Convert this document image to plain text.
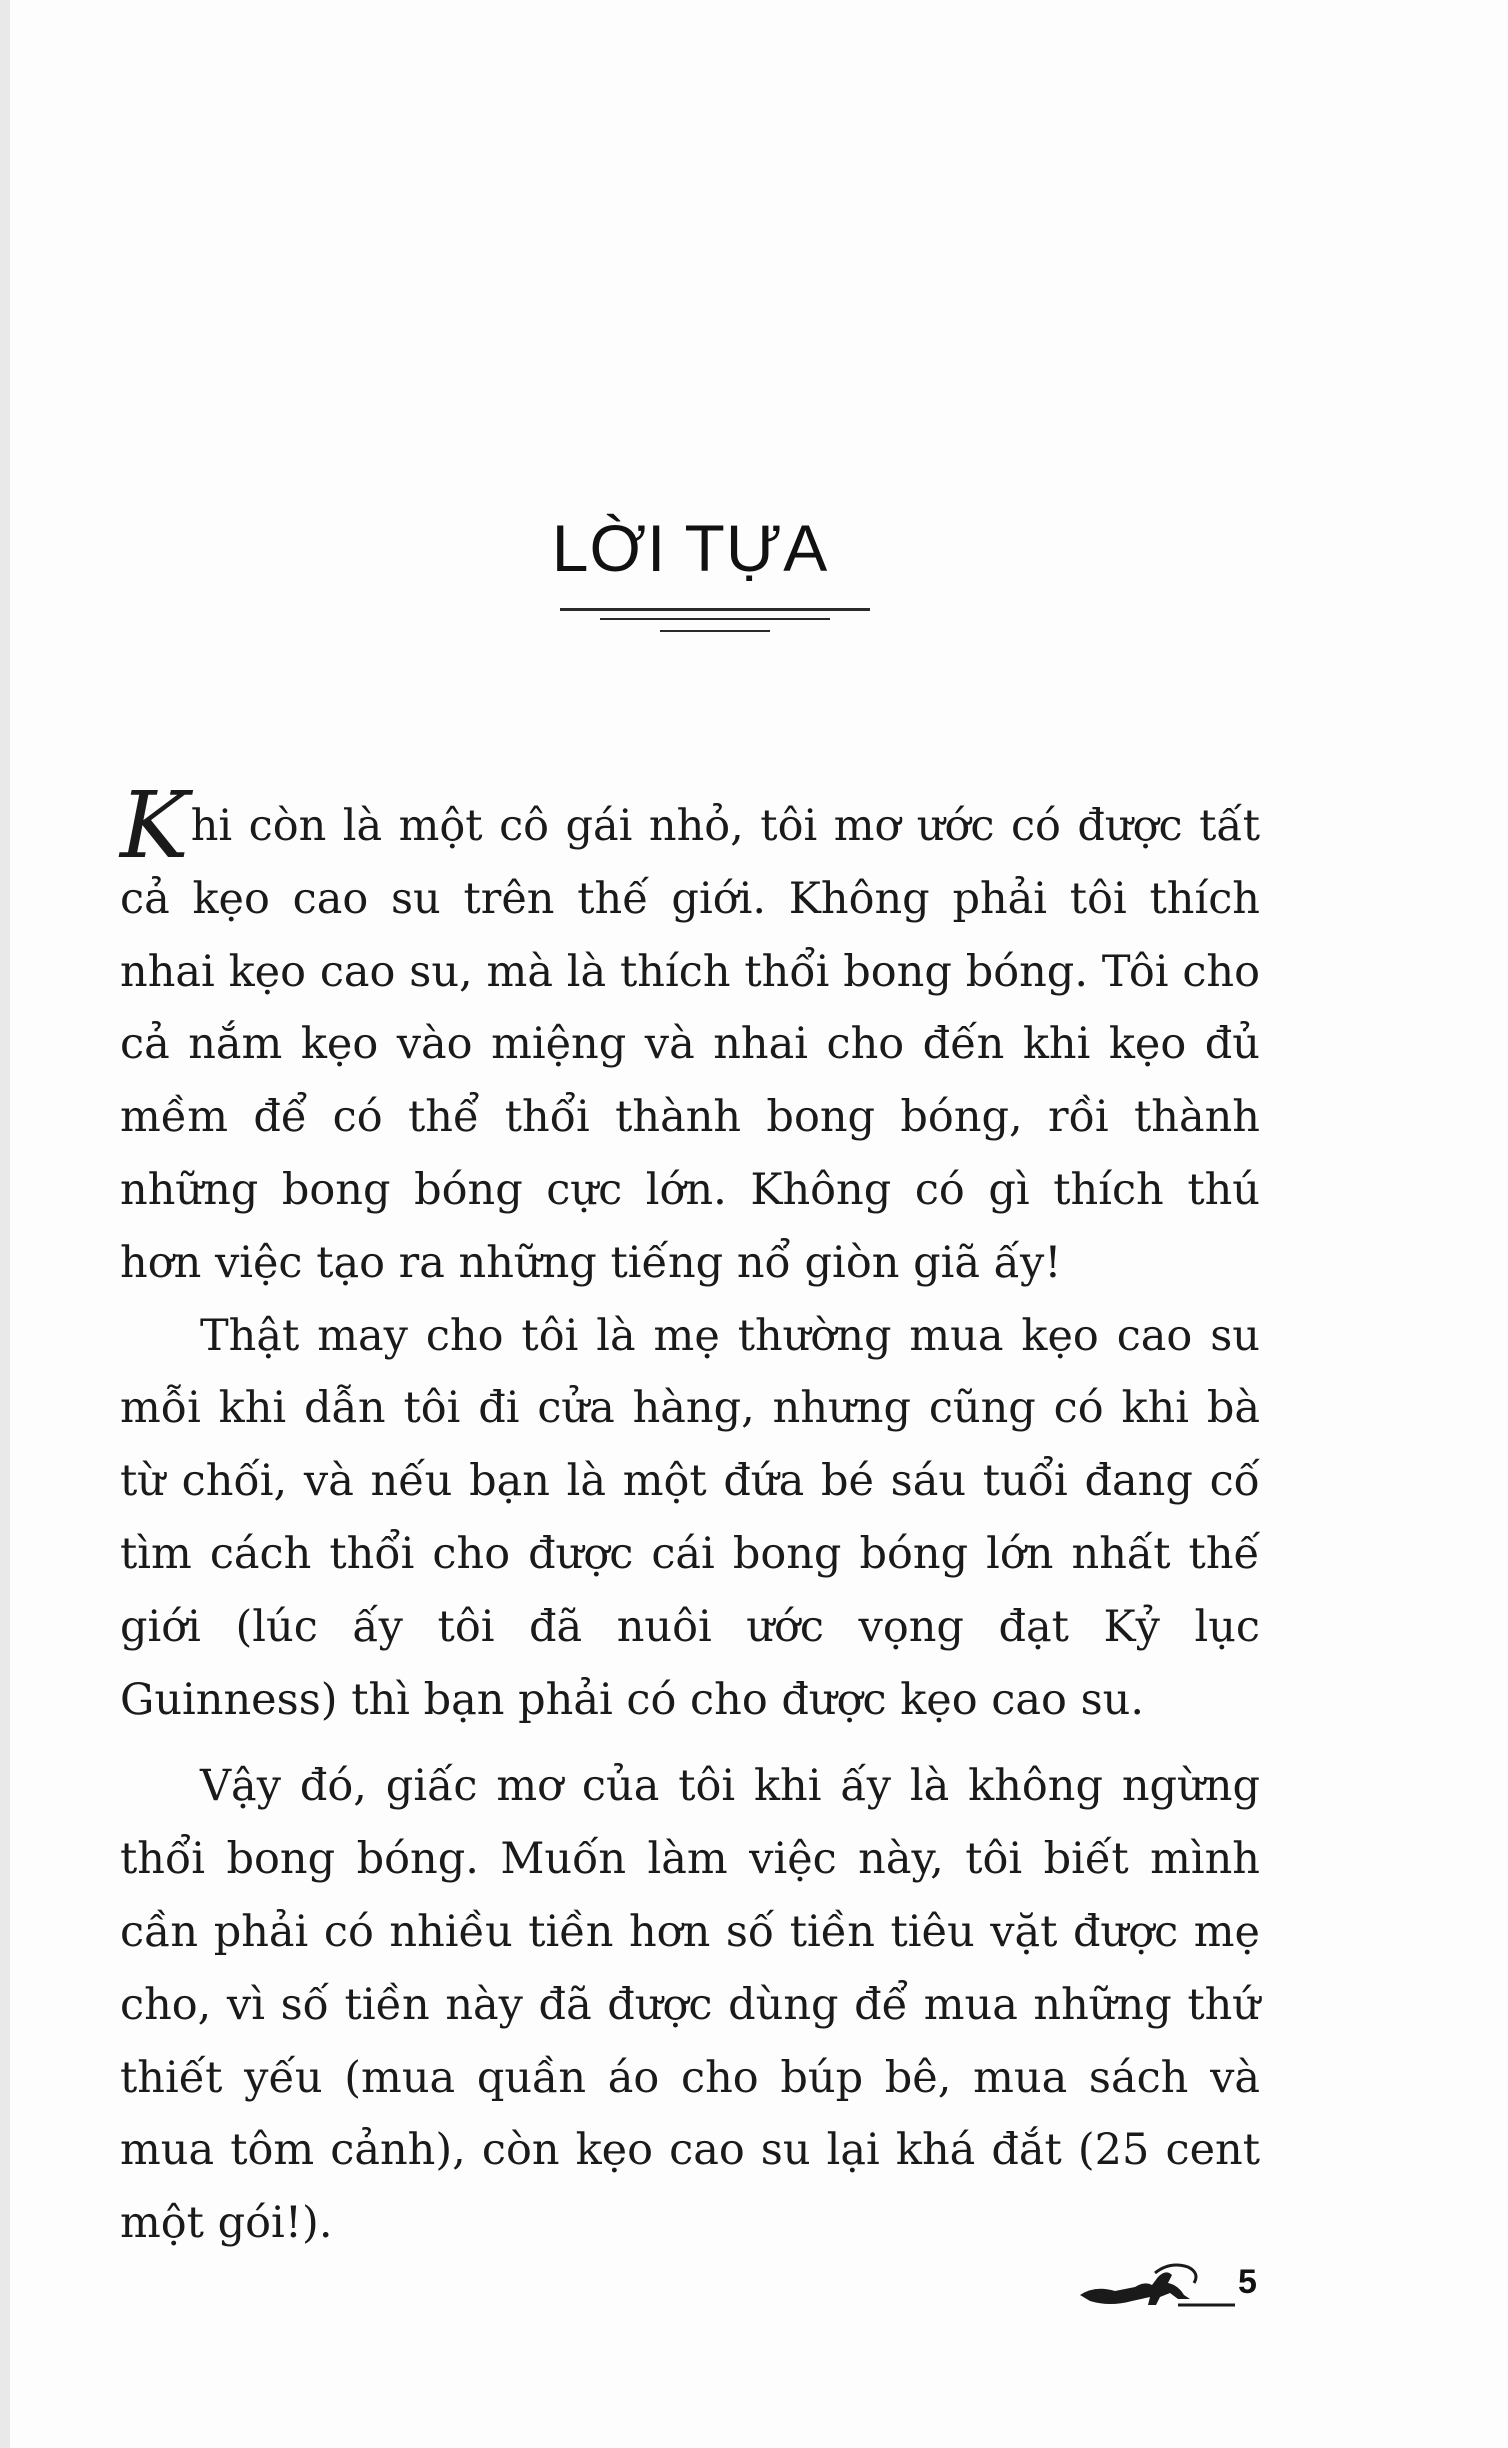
LỜI TỰA

Khi còn là một cô gái nhỏ, tôi mơ ước có được tất cả kẹo cao su trên thế giới. Không phải tôi thích nhai kẹo cao su, mà là thích thổi bong bóng. Tôi cho cả nắm kẹo vào miệng và nhai cho đến khi kẹo đủ mềm để có thể thổi thành bong bóng, rồi thành những bong bóng cực lớn. Không có gì thích thú hơn việc tạo ra những tiếng nổ giòn giã ấy!

Thật may cho tôi là mẹ thường mua kẹo cao su mỗi khi dẫn tôi đi cửa hàng, nhưng cũng có khi bà từ chối, và nếu bạn là một đứa bé sáu tuổi đang cố tìm cách thổi cho được cái bong bóng lớn nhất thế giới (lúc ấy tôi đã nuôi ước vọng đạt Kỷ lục Guinness) thì bạn phải có cho được kẹo cao su.

Vậy đó, giấc mơ của tôi khi ấy là không ngừng thổi bong bóng. Muốn làm việc này, tôi biết mình cần phải có nhiều tiền hơn số tiền tiêu vặt được mẹ cho, vì số tiền này đã được dùng để mua những thứ thiết yếu (mua quần áo cho búp bê, mua sách và mua tôm cảnh), còn kẹo cao su lại khá đắt (25 cent một gói!).

5
